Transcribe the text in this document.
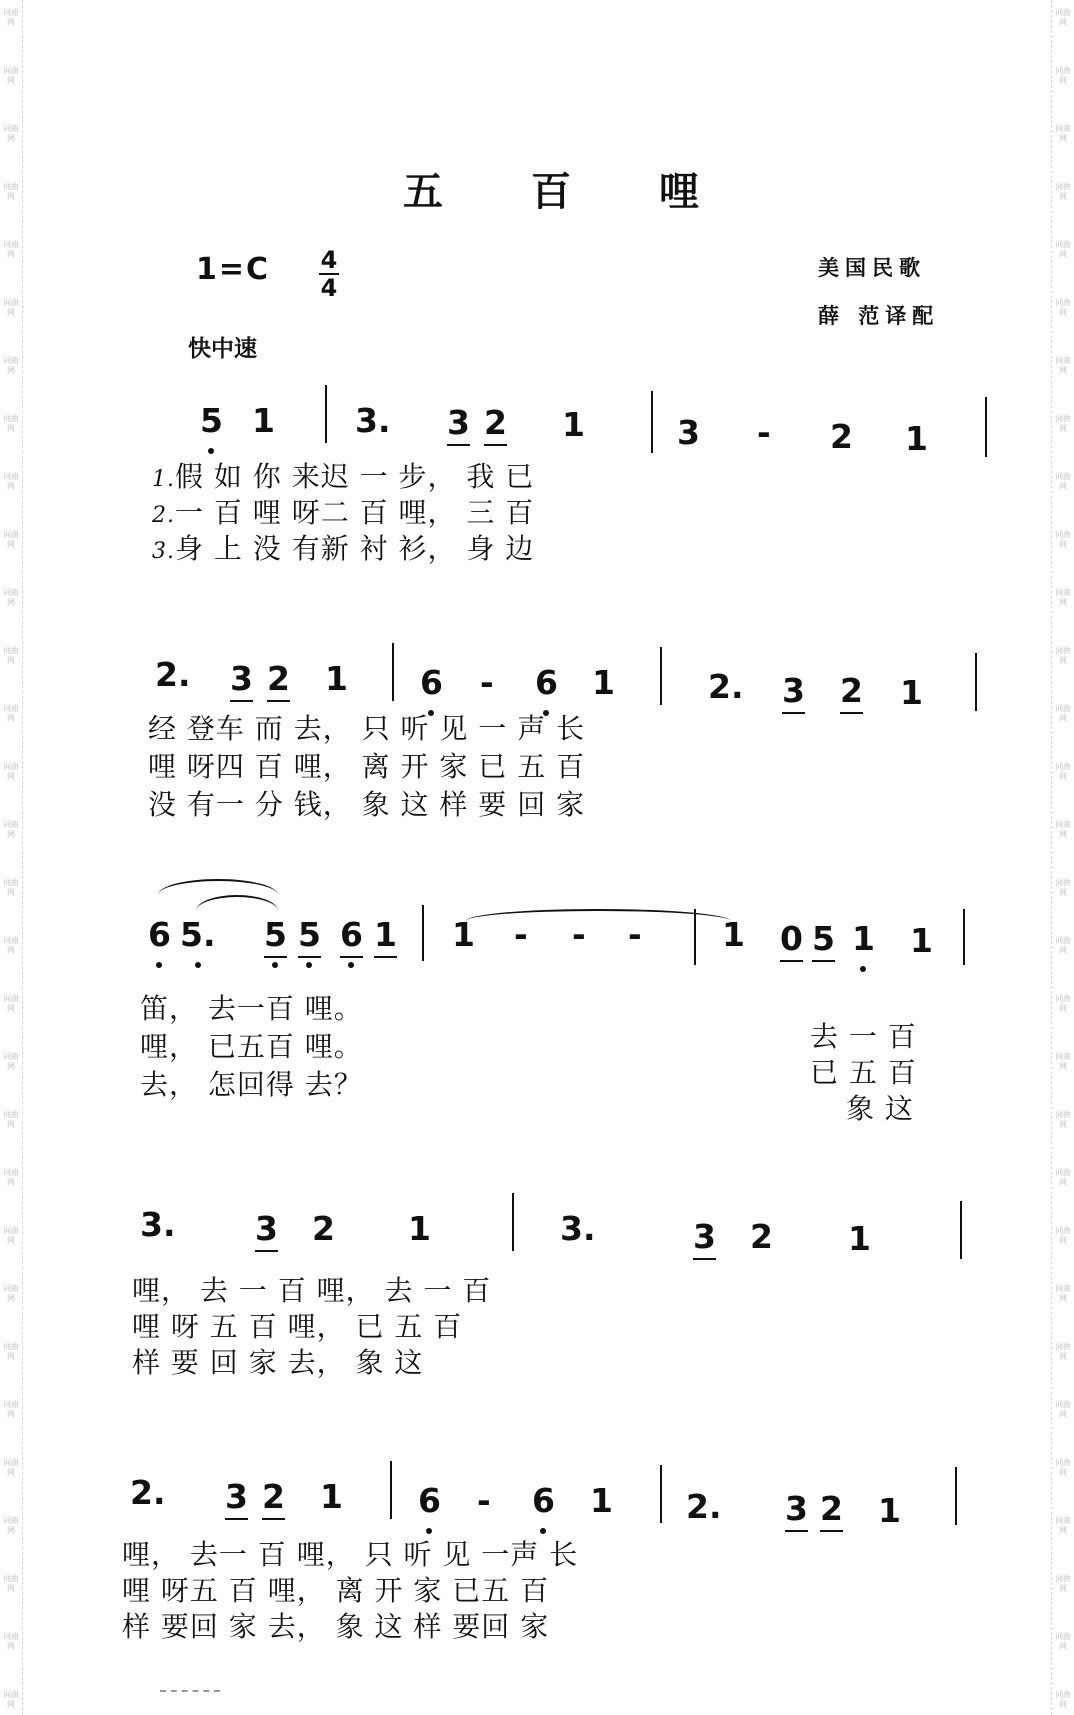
词曲网
词曲网
词曲网
词曲网
词曲网
词曲网
词曲网
词曲网
词曲网
词曲网
词曲网
词曲网
词曲网
词曲网
词曲网
词曲网
词曲网
词曲网
词曲网
词曲网
词曲网
词曲网
词曲网
词曲网
词曲网
词曲网
词曲网
词曲网
词曲网
词曲网
词曲网
词曲网
词曲网
词曲网
词曲网
词曲网
词曲网
词曲网
词曲网
词曲网
词曲网
词曲网
词曲网
词曲网
词曲网
词曲网
词曲网
词曲网
词曲网
词曲网
词曲网
词曲网
词曲网
词曲网
词曲网
词曲网
词曲网
词曲网
词曲网
词曲网
五百哩
1=C 4
4
快中速
美国民歌
薛 范译配
5 1 3. 3 2 1	3 - 2 1
1.假 如 你 来迟 一 步， 我 已
2.一 百 哩 呀二 百 哩， 三 百
3.身 上 没 有新 衬 衫， 身 边
2. 3 2 1 6 - 6 1	2. 3 2 1
经 登车 而 去， 只 听 见 一 声 长
哩 呀四 百 哩， 离 开 家 已 五 百
没 有一 分 钱， 象 这 样 要 回 家
6 5. 5 5 6 1 1 - - - 1 0 5 1 1
笛， 去一百 哩。
哩， 已五百 哩。
去， 怎回得 去？
去 一 百
已 五 百
象 这
3. 3 2 1	3.	3 2 1
哩， 去 一 百 哩， 去 一 百
哩 呀 五 百 哩， 已 五 百
样 要 回 家 去， 象 这
2. 3 2 1 6 - 6 1 2. 3 2 1
哩， 去一 百 哩， 只 听 见 一声 长
哩 呀五 百 哩， 离 开 家 已五 百
样 要回 家 去， 象 这 样 要回 家
